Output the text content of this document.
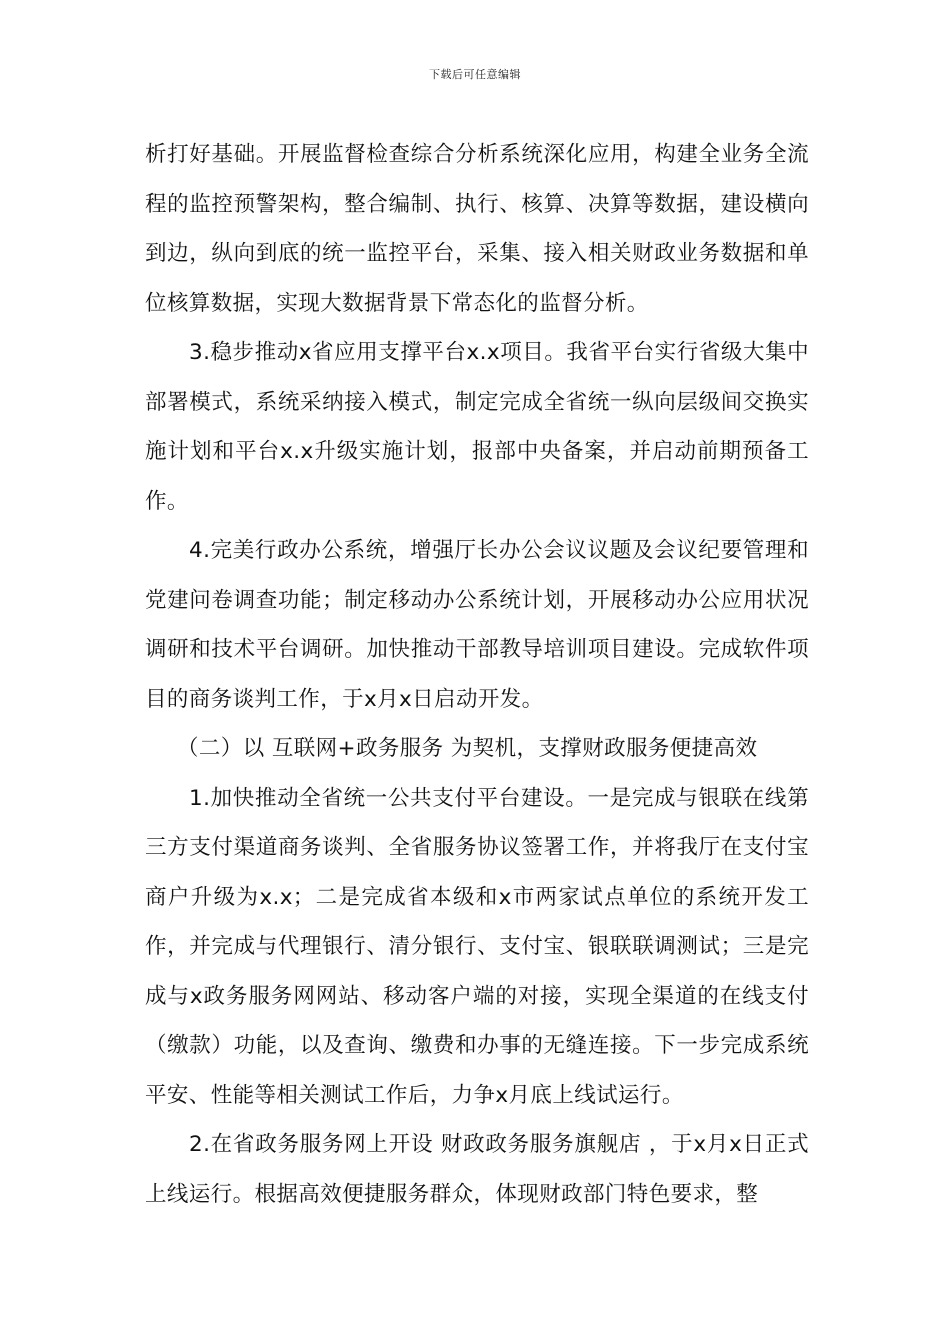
下载后可任意编辑

析打好基础。开展监督检查综合分析系统深化应用，构建全业务全流程的监控预警架构，整合编制、执行、核算、决算等数据，建设横向到边，纵向到底的统一监控平台，采集、接入相关财政业务数据和单位核算数据，实现大数据背景下常态化的监督分析。

3.稳步推动x省应用支撑平台x.x项目。我省平台实行省级大集中部署模式，系统采纳接入模式，制定完成全省统一纵向层级间交换实施计划和平台x.x升级实施计划，报部中央备案，并启动前期预备工作。

4.完美行政办公系统，增强厅长办公会议议题及会议纪要管理和党建问卷调查功能；制定移动办公系统计划，开展移动办公应用状况调研和技术平台调研。加快推动干部教导培训项目建设。完成软件项目的商务谈判工作，于x月x日启动开发。

（二）以 互联网+政务服务 为契机，支撑财政服务便捷高效

1.加快推动全省统一公共支付平台建设。一是完成与银联在线第三方支付渠道商务谈判、全省服务协议签署工作，并将我厅在支付宝商户升级为x.x；二是完成省本级和x市两家试点单位的系统开发工作，并完成与代理银行、清分银行、支付宝、银联联调测试；三是完成与x政务服务网网站、移动客户端的对接，实现全渠道的在线支付（缴款）功能，以及查询、缴费和办事的无缝连接。下一步完成系统平安、性能等相关测试工作后，力争x月底上线试运行。

2.在省政务服务网上开设 财政政务服务旗舰店 ，于x月x日正式上线运行。根据高效便捷服务群众，体现财政部门特色要求，整
